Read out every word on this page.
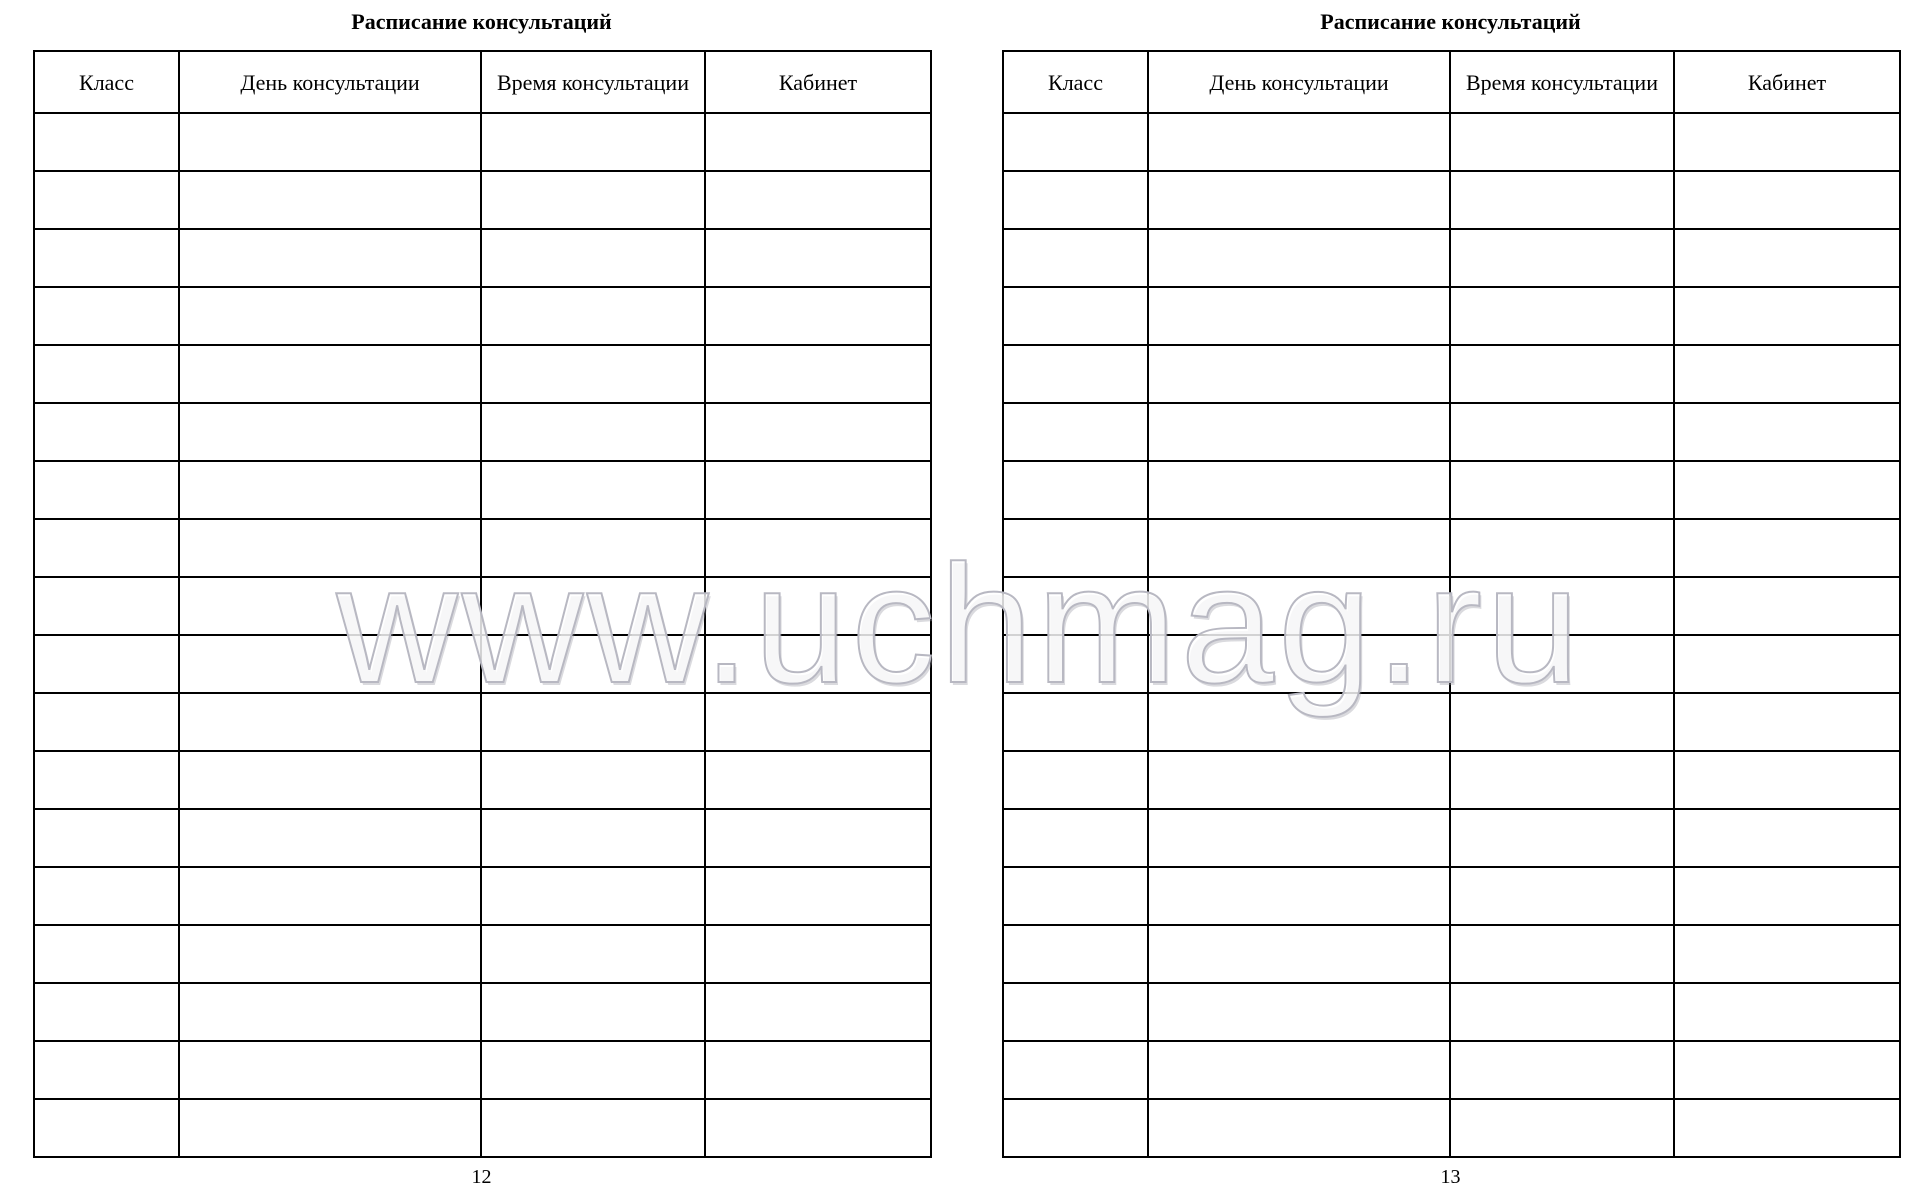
Расписание консультаций
Класс	День консультации	Время консультации	Кабинет

12
Расписание консультаций
Класс	День консультации	Время консультации	Кабинет

13
www.uchmag.ru
